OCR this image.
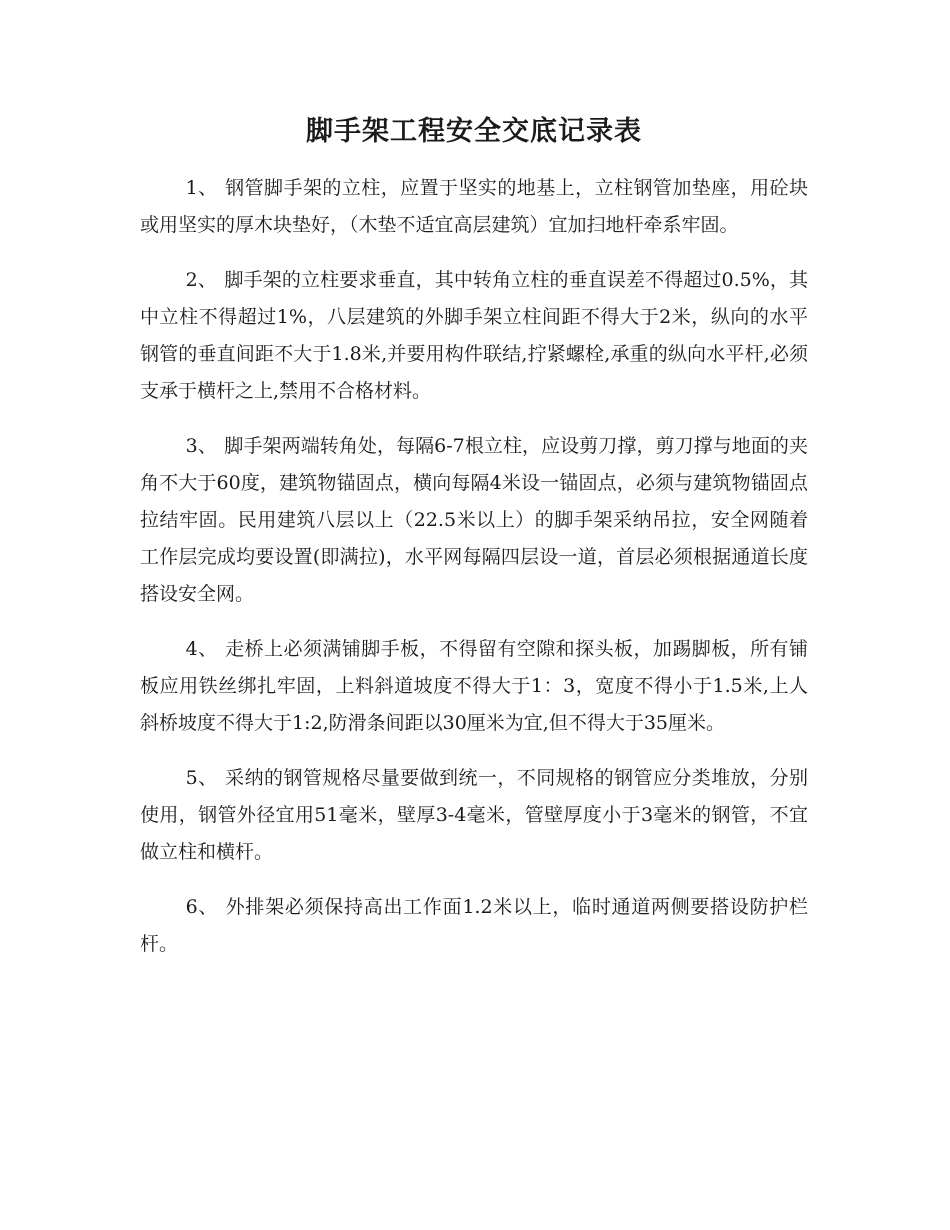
脚手架工程安全交底记录表

1、 钢管脚手架的立柱，应置于坚实的地基上，立柱钢管加垫座，用砼块或用坚实的厚木块垫好，（木垫不适宜高层建筑）宜加扫地杆牵系牢固。

2、 脚手架的立柱要求垂直，其中转角立柱的垂直误差不得超过0.5%，其中立柱不得超过1%，八层建筑的外脚手架立柱间距不得大于2米，纵向的水平钢管的垂直间距不大于1.8米,并要用构件联结,拧紧螺栓,承重的纵向水平杆,必须支承于横杆之上,禁用不合格材料。

3、 脚手架两端转角处，每隔6-7根立柱，应设剪刀撑，剪刀撑与地面的夹角不大于60度，建筑物锚固点，横向每隔4米设一锚固点，必须与建筑物锚固点拉结牢固。民用建筑八层以上（22.5米以上）的脚手架采纳吊拉，安全网随着工作层完成均要设置(即满拉)，水平网每隔四层设一道，首层必须根据通道长度搭设安全网。

4、 走桥上必须满铺脚手板，不得留有空隙和探头板，加踢脚板，所有铺板应用铁丝绑扎牢固，上料斜道坡度不得大于1：3，宽度不得小于1.5米,上人斜桥坡度不得大于1:2,防滑条间距以30厘米为宜,但不得大于35厘米。

5、 采纳的钢管规格尽量要做到统一，不同规格的钢管应分类堆放，分别使用，钢管外径宜用51毫米，壁厚3-4毫米，管壁厚度小于3毫米的钢管，不宜做立柱和横杆。

6、 外排架必须保持高出工作面1.2米以上，临时通道两侧要搭设防护栏杆。
